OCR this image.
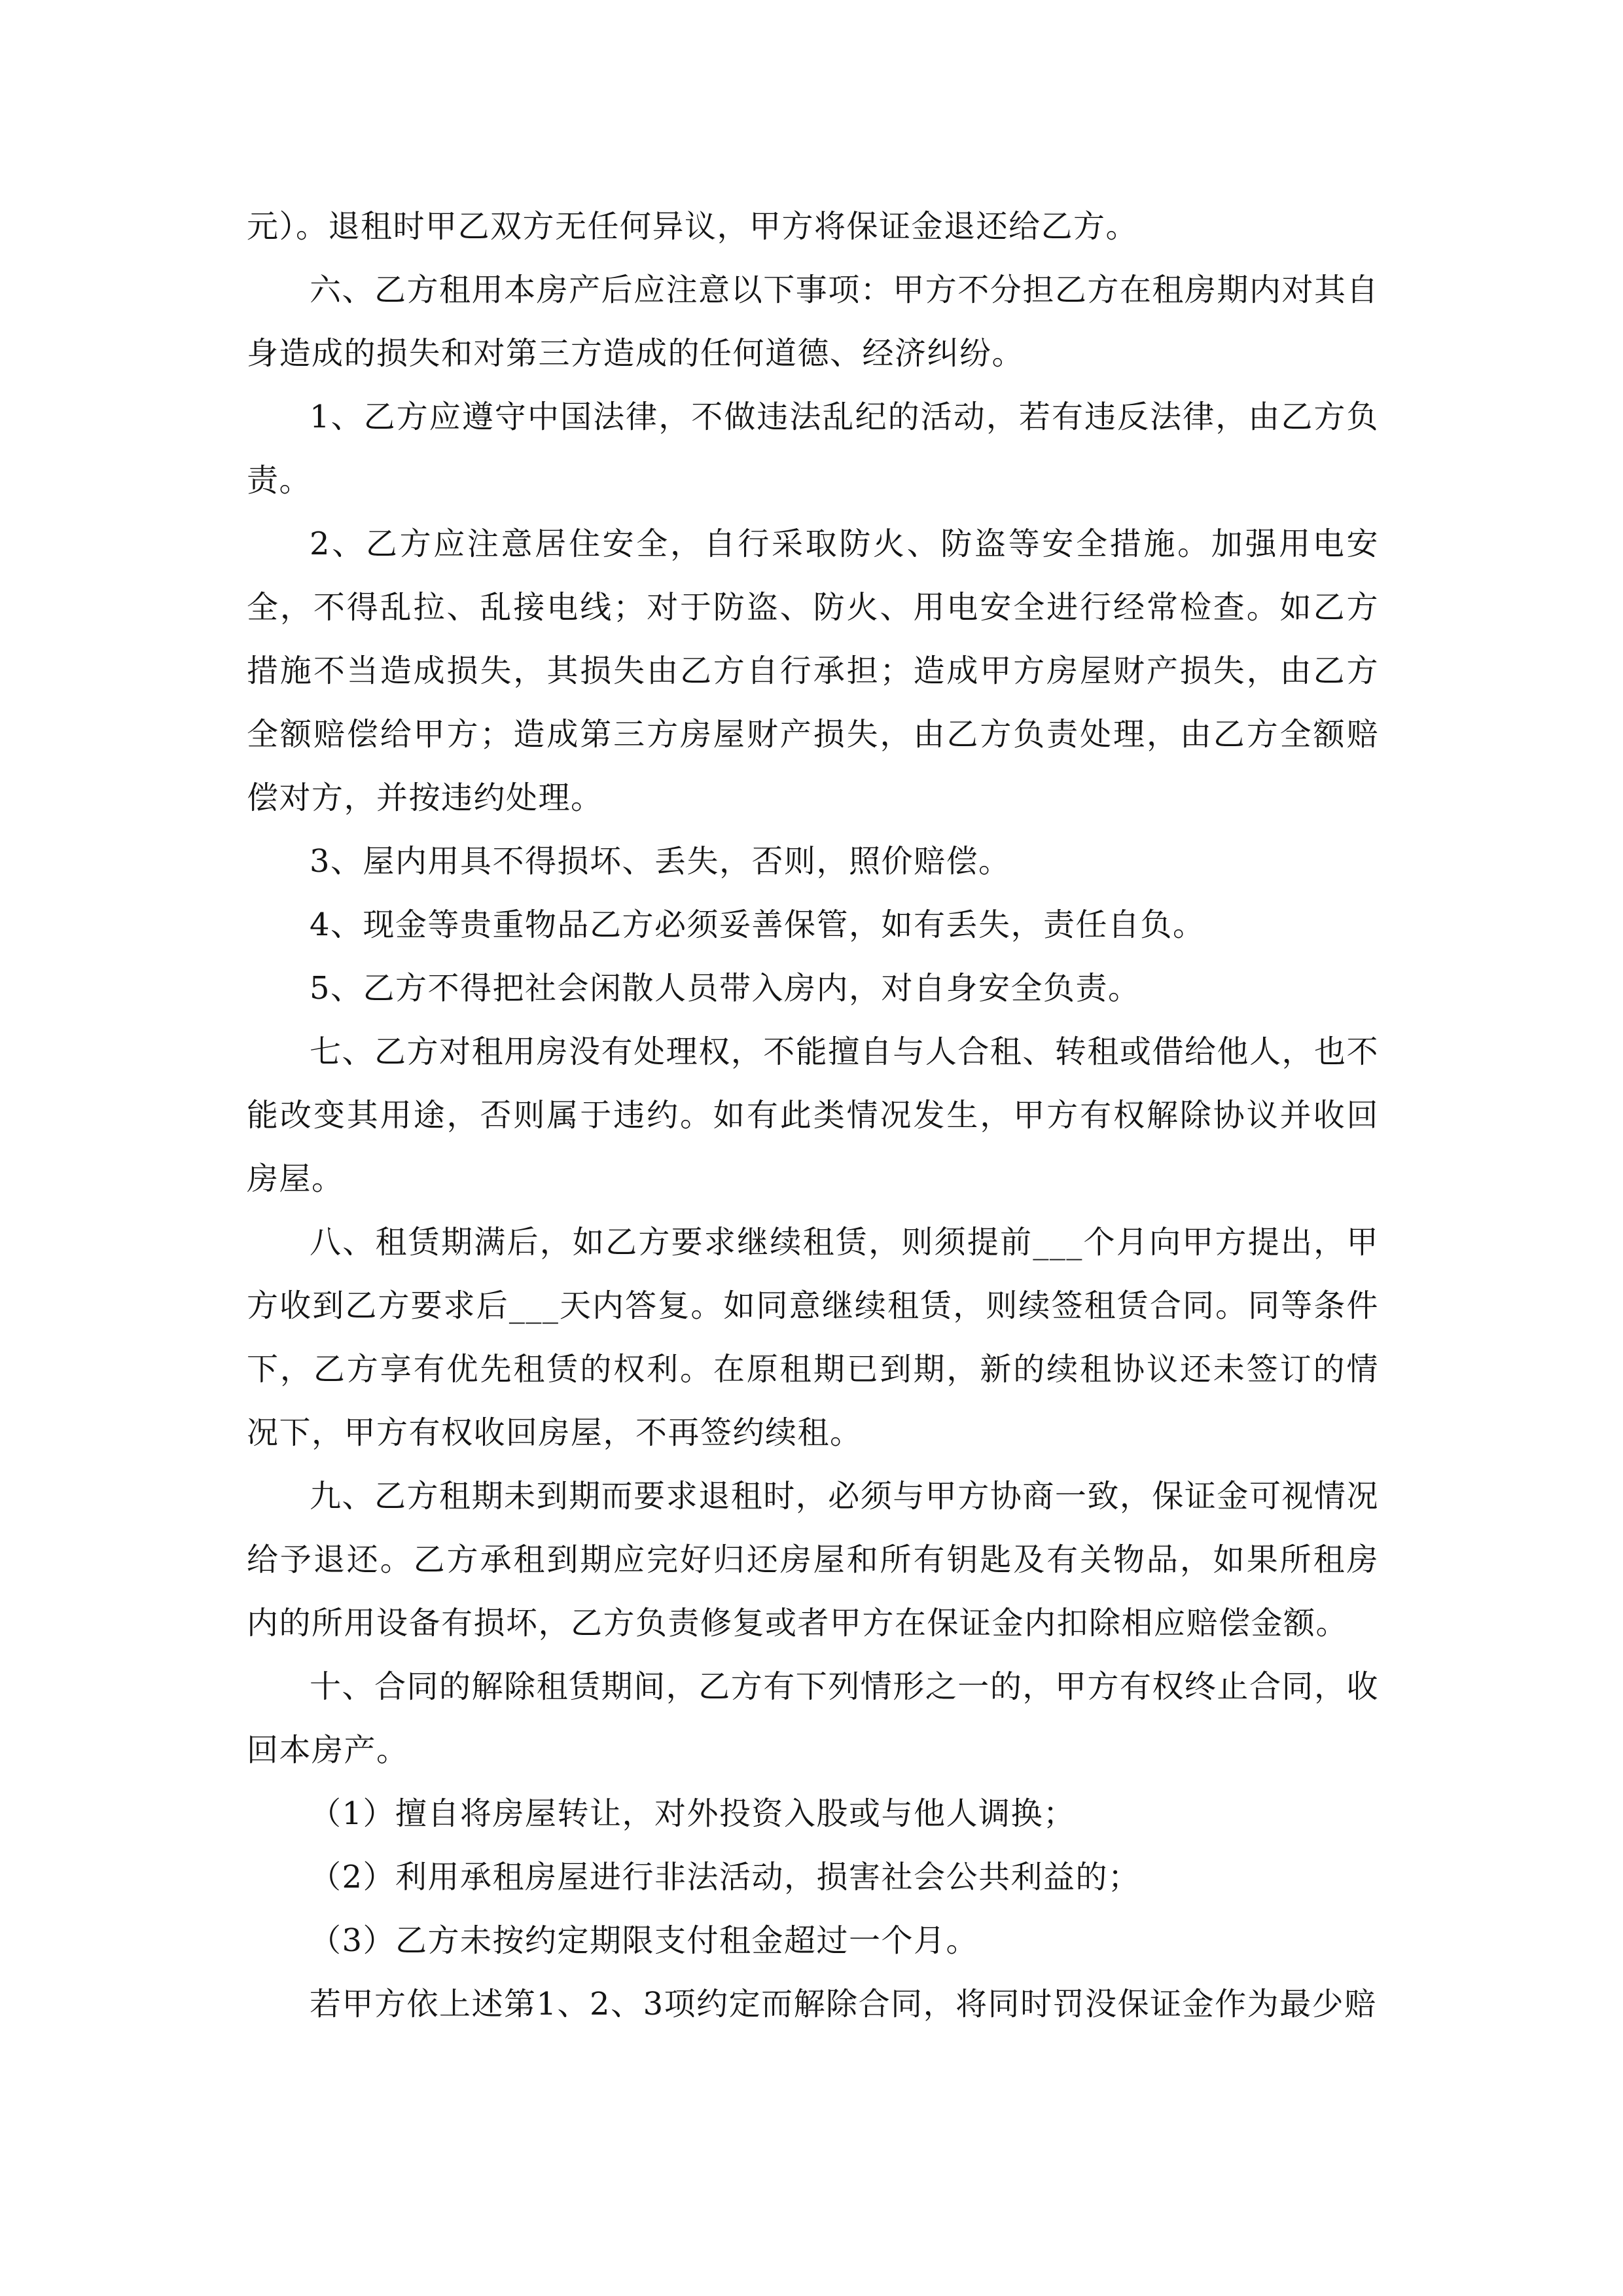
元）。退租时甲乙双方无任何异议，甲方将保证金退还给乙方。

六、乙方租用本房产后应注意以下事项：甲方不分担乙方在租房期内对其自身造成的损失和对第三方造成的任何道德、经济纠纷。

1、乙方应遵守中国法律，不做违法乱纪的活动，若有违反法律，由乙方负责。

2、乙方应注意居住安全，自行采取防火、防盗等安全措施。加强用电安全，不得乱拉、乱接电线；对于防盗、防火、用电安全进行经常检查。如乙方措施不当造成损失，其损失由乙方自行承担；造成甲方房屋财产损失，由乙方全额赔偿给甲方；造成第三方房屋财产损失，由乙方负责处理，由乙方全额赔偿对方，并按违约处理。

3、屋内用具不得损坏、丢失，否则，照价赔偿。

4、现金等贵重物品乙方必须妥善保管，如有丢失，责任自负。

5、乙方不得把社会闲散人员带入房内，对自身安全负责。

七、乙方对租用房没有处理权，不能擅自与人合租、转租或借给他人，也不能改变其用途，否则属于违约。如有此类情况发生，甲方有权解除协议并收回房屋。

八、租赁期满后，如乙方要求继续租赁，则须提前___个月向甲方提出，甲方收到乙方要求后___天内答复。如同意继续租赁，则续签租赁合同。同等条件下，乙方享有优先租赁的权利。在原租期已到期，新的续租协议还未签订的情况下，甲方有权收回房屋，不再签约续租。

九、乙方租期未到期而要求退租时，必须与甲方协商一致，保证金可视情况给予退还。乙方承租到期应完好归还房屋和所有钥匙及有关物品，如果所租房内的所用设备有损坏，乙方负责修复或者甲方在保证金内扣除相应赔偿金额。

十、合同的解除租赁期间，乙方有下列情形之一的，甲方有权终止合同，收回本房产。

（1）擅自将房屋转让，对外投资入股或与他人调换；

（2）利用承租房屋进行非法活动，损害社会公共利益的；

（3）乙方未按约定期限支付租金超过一个月。

若甲方依上述第1、2、3项约定而解除合同，将同时罚没保证金作为最少赔
